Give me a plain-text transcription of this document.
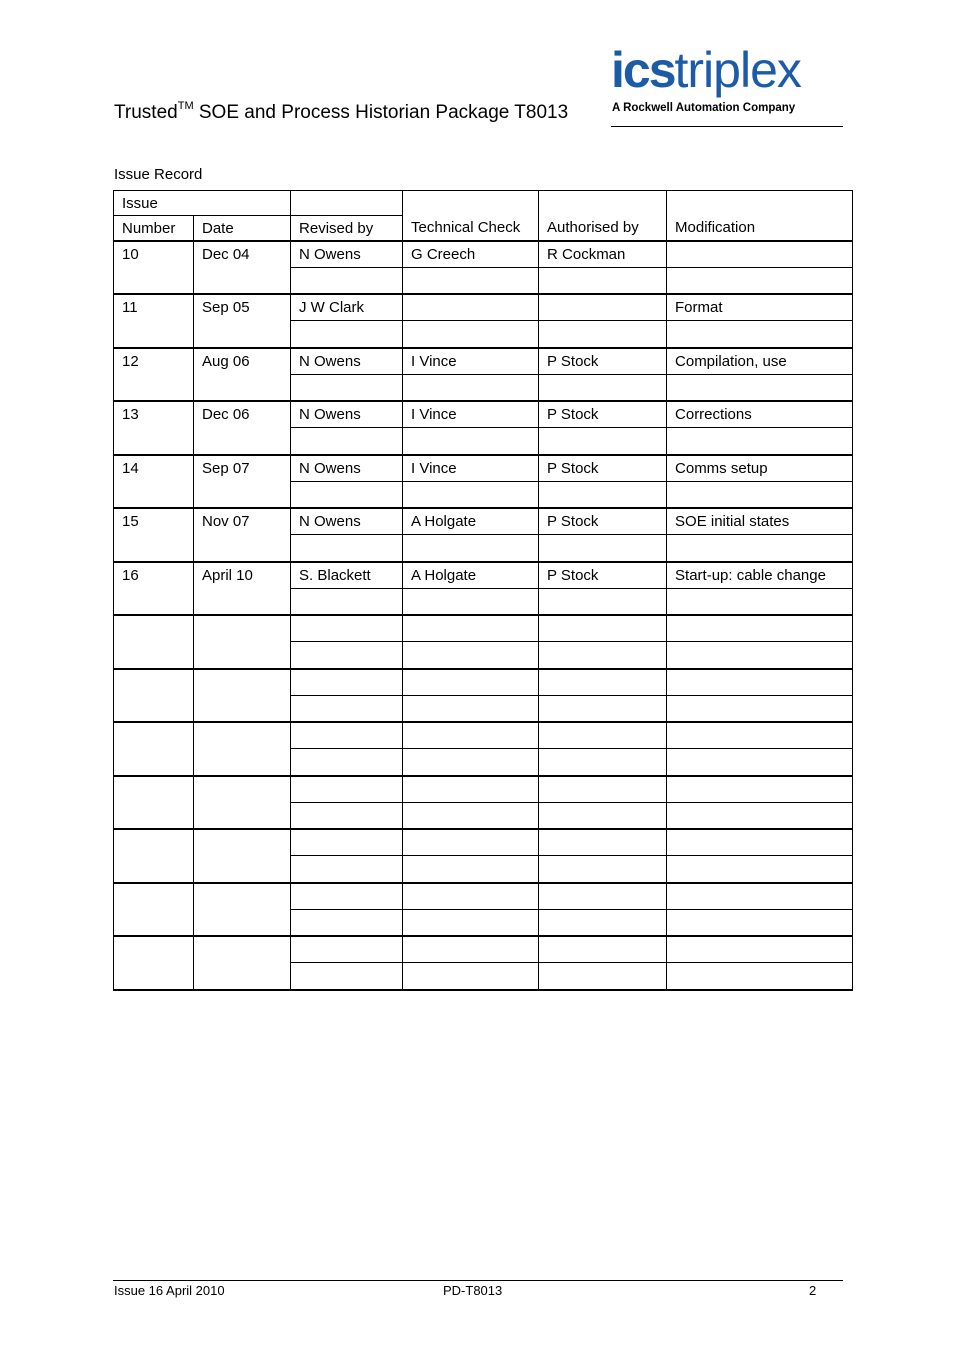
Trusted™ SOE and Process Historian Package T8013
icstriplex
A Rockwell Automation Company
Issue Record
Issue			Technical Check	Authorised by	Modification
Number	Date	Revised by			
10	Dec 04	N Owens	G Creech	R Cockman	

11	Sep 05	J W Clark			Format

12	Aug 06	N Owens	I Vince	P Stock	Compilation, use

13	Dec 06	N Owens	I Vince	P Stock	Corrections

14	Sep 07	N Owens	I Vince	P Stock	Comms setup

15	Nov 07	N Owens	A Holgate	P Stock	SOE initial states

16	April 10	S. Blackett	A Holgate	P Stock	Start-up: cable change

Issue 16 April 2010	PD-T8013	2
